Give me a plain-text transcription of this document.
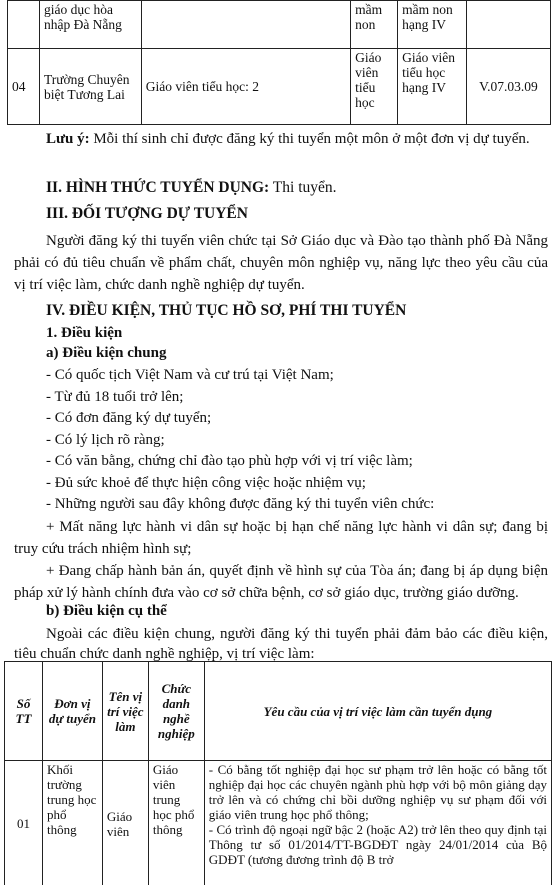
	giáo dục hòa nhập Đà Nẵng		mầm non	mầm non hạng IV	
04	Trường Chuyên biệt Tương Lai	Giáo viên tiểu học: 2	Giáo viên tiểu học	Giáo viên tiểu học hạng IV	V.07.03.09
Lưu ý: Mỗi thí sinh chỉ được đăng ký thi tuyển một môn ở một đơn vị dự tuyển.
II. HÌNH THỨC TUYỂN DỤNG: Thi tuyển.
III. ĐỐI TƯỢNG DỰ TUYỂN
Người đăng ký thi tuyển viên chức tại Sở Giáo dục và Đào tạo thành phố Đà Nẵng phải có đủ tiêu chuẩn về phẩm chất, chuyên môn nghiệp vụ, năng lực theo yêu cầu của vị trí việc làm, chức danh nghề nghiệp dự tuyển.
IV. ĐIỀU KIỆN, THỦ TỤC HỒ SƠ, PHÍ THI TUYỂN
1. Điều kiện
a) Điều kiện chung
- Có quốc tịch Việt Nam và cư trú tại Việt Nam;
- Từ đủ 18 tuổi trở lên;
- Có đơn đăng ký dự tuyển;
- Có lý lịch rõ ràng;
- Có văn bằng, chứng chỉ đào tạo phù hợp với vị trí việc làm;
- Đủ sức khoẻ để thực hiện công việc hoặc nhiệm vụ;
- Những người sau đây không được đăng ký thi tuyển viên chức:
+ Mất năng lực hành vi dân sự hoặc bị hạn chế năng lực hành vi dân sự; đang bị truy cứu trách nhiệm hình sự;
+ Đang chấp hành bản án, quyết định về hình sự của Tòa án; đang bị áp dụng biện pháp xử lý hành chính đưa vào cơ sở chữa bệnh, cơ sở giáo dục, trường giáo dưỡng.
b) Điều kiện cụ thể
Ngoài các điều kiện chung, người đăng ký thi tuyển phải đảm bảo các điều kiện, tiêu chuẩn chức danh nghề nghiệp, vị trí việc làm:
Số TT	Đơn vị dự tuyển	Tên vị trí việc làm	Chức danh nghề nghiệp	Yêu cầu của vị trí việc làm cần tuyển dụng
01	Khối trường trung học phổ thông	Giáo viên	Giáo viên trung học phổ thông	- Có bằng tốt nghiệp đại học sư phạm trở lên hoặc có bằng tốt nghiệp đại học các chuyên ngành phù hợp với bộ môn giảng dạy trở lên và có chứng chỉ bồi dưỡng nghiệp vụ sư phạm đối với giáo viên trung học phổ thông;
- Có trình độ ngoại ngữ bậc 2 (hoặc A2) trở lên theo quy định tại Thông tư số 01/2014/TT-BGDĐT ngày 24/01/2014 của Bộ GDĐT (tương đương trình độ B trở
